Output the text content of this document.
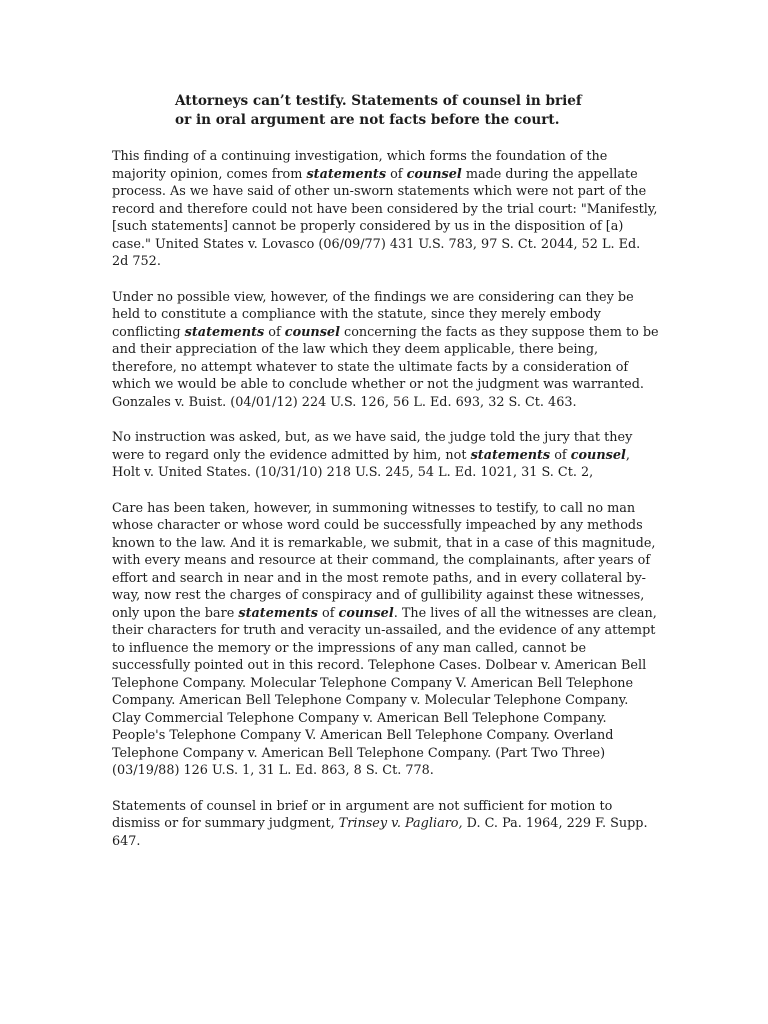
Attorneys can’t testify. Statements of counsel in brief
or in oral argument are not facts before the court.

This finding of a continuing investigation, which forms the foundation of the majority opinion, comes from statements of counsel made during the appellate process. As we have said of other un-sworn statements which were not part of the record and therefore could not have been considered by the trial court: "Manifestly, [such statements] cannot be properly considered by us in the disposition of [a) case." United States v. Lovasco (06/09/77) 431 U.S. 783, 97 S. Ct. 2044, 52 L. Ed. 2d 752.

Under no possible view, however, of the findings we are considering can they be held to constitute a compliance with the statute, since they merely embody conflicting statements of counsel concerning the facts as they suppose them to be and their appreciation of the law which they deem applicable, there being, therefore, no attempt whatever to state the ultimate facts by a consideration of which we would be able to conclude whether or not the judgment was warranted. Gonzales v. Buist. (04/01/12) 224 U.S. 126, 56 L. Ed. 693, 32 S. Ct. 463.

No instruction was asked, but, as we have said, the judge told the jury that they were to regard only the evidence admitted by him, not statements of counsel, Holt v. United States. (10/31/10) 218 U.S. 245, 54 L. Ed. 1021, 31 S. Ct. 2,

Care has been taken, however, in summoning witnesses to testify, to call no man whose character or whose word could be successfully impeached by any methods known to the law. And it is remarkable, we submit, that in a case of this magnitude, with every means and resource at their command, the complainants, after years of effort and search in near and in the most remote paths, and in every collateral by-way, now rest the charges of conspiracy and of gullibility against these witnesses, only upon the bare statements of counsel. The lives of all the witnesses are clean, their characters for truth and veracity un-assailed, and the evidence of any attempt to influence the memory or the impressions of any man called, cannot be successfully pointed out in this record. Telephone Cases. Dolbear v. American Bell Telephone Company. Molecular Telephone Company V. American Bell Telephone Company. American Bell Telephone Company v. Molecular Telephone Company. Clay Commercial Telephone Company v. American Bell Telephone Company. People's Telephone Company V. American Bell Telephone Company. Overland Telephone Company v. American Bell Telephone Company. (Part Two Three) (03/19/88) 126 U.S. 1, 31 L. Ed. 863, 8 S. Ct. 778.

Statements of counsel in brief or in argument are not sufficient for motion to dismiss or for summary judgment, Trinsey v. Pagliaro, D. C. Pa. 1964, 229 F. Supp. 647.
